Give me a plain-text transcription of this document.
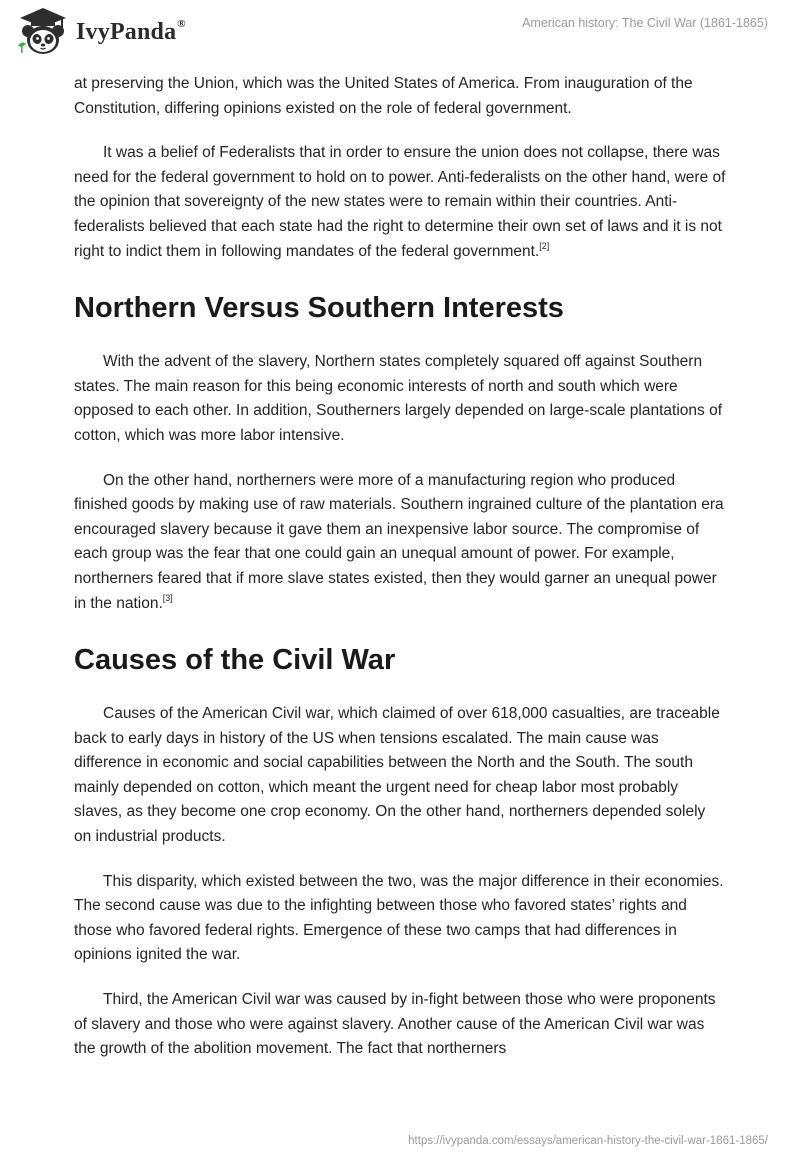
IvyPanda®	American history: The Civil War (1861-1865)

at preserving the Union, which was the United States of America. From inauguration of the Constitution, differing opinions existed on the role of federal government.

It was a belief of Federalists that in order to ensure the union does not collapse, there was need for the federal government to hold on to power. Anti-federalists on the other hand, were of the opinion that sovereignty of the new states were to remain within their countries. Anti-federalists believed that each state had the right to determine their own set of laws and it is not right to indict them in following mandates of the federal government.[2]

Northern Versus Southern Interests

With the advent of the slavery, Northern states completely squared off against Southern states. The main reason for this being economic interests of north and south which were opposed to each other. In addition, Southerners largely depended on large-scale plantations of cotton, which was more labor intensive.

On the other hand, northerners were more of a manufacturing region who produced finished goods by making use of raw materials. Southern ingrained culture of the plantation era encouraged slavery because it gave them an inexpensive labor source. The compromise of each group was the fear that one could gain an unequal amount of power. For example, northerners feared that if more slave states existed, then they would garner an unequal power in the nation.[3]

Causes of the Civil War

Causes of the American Civil war, which claimed of over 618,000 casualties, are traceable back to early days in history of the US when tensions escalated. The main cause was difference in economic and social capabilities between the North and the South. The south mainly depended on cotton, which meant the urgent need for cheap labor most probably slaves, as they become one crop economy. On the other hand, northerners depended solely on industrial products.

This disparity, which existed between the two, was the major difference in their economies. The second cause was due to the infighting between those who favored states’ rights and those who favored federal rights. Emergence of these two camps that had differences in opinions ignited the war.

Third, the American Civil war was caused by in-fight between those who were proponents of slavery and those who were against slavery. Another cause of the American Civil war was the growth of the abolition movement. The fact that northerners

https://ivypanda.com/essays/american-history-the-civil-war-1861-1865/
